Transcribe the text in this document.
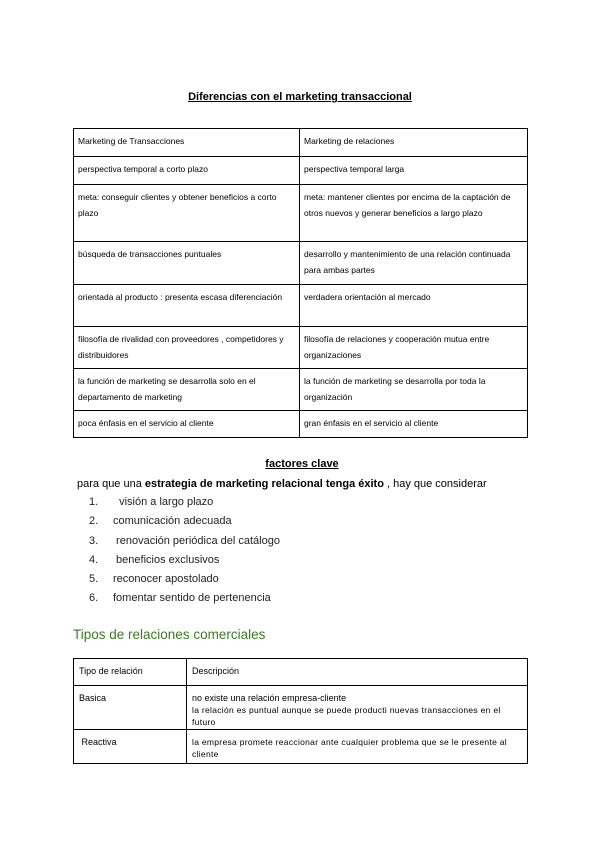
Diferencias con el marketing transaccional
Marketing de Transacciones	Marketing de relaciones
perspectiva temporal a corto plazo	perspectiva temporal larga
meta: conseguir clientes y obtener beneficios a corto plazo	meta: mantener clientes por encima de la captación de otros nuevos y generar beneficios a largo plazo
búsqueda de transacciones puntuales	desarrollo y mantenimiento de una relación continuada para ambas partes
orientada al producto : presenta escasa diferenciación	verdadera orientación al mercado
filosofía de rivalidad con proveedores , competidores y distribuidores	filosofía de relaciones y cooperación mutua entre organizaciones
la función de marketing se desarrolla solo en el departamento de marketing	la función de marketing se desarrolla por toda la organización
poca énfasis en el servicio al cliente	gran énfasis en el servicio al cliente
factores clave
para que una estrategia de marketing relacional tenga éxito , hay que considerar
1.  visión a largo plazo
2. comunicación adecuada
3. renovación periódica del catálogo
4. beneficios exclusivos
5. reconocer apostolado
6. fomentar sentido de pertenencia
Tipos de relaciones comerciales
Tipo de relación	Descripción
Basica	no existe una relación empresa-cliente
la relación es puntual aunque se puede producti nuevas transacciones en el futuro

Reactiva	la empresa promete reaccionar ante cualquier problema que se le presente al cliente
